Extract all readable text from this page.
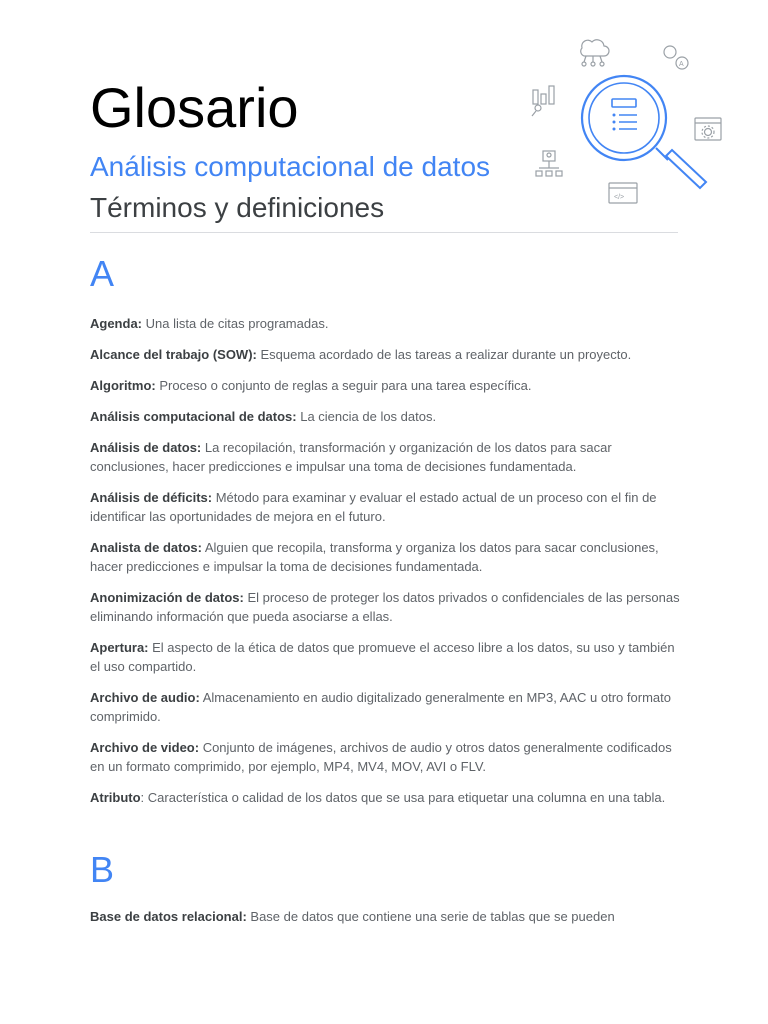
Glosario
Análisis computacional de datos
Términos y definiciones
A
</>
A

Agenda: Una lista de citas programadas.

Alcance del trabajo (SOW): Esquema acordado de las tareas a realizar durante un proyecto.

Algoritmo: Proceso o conjunto de reglas a seguir para una tarea específica.

Análisis computacional de datos: La ciencia de los datos.

Análisis de datos: La recopilación, transformación y organización de los datos para sacar conclusiones, hacer predicciones e impulsar una toma de decisiones fundamentada.

Análisis de déficits: Método para examinar y evaluar el estado actual de un proceso con el fin de identificar las oportunidades de mejora en el futuro.

Analista de datos: Alguien que recopila, transforma y organiza los datos para sacar conclusiones, hacer predicciones e impulsar la toma de decisiones fundamentada.

Anonimización de datos: El proceso de proteger los datos privados o confidenciales de las personas eliminando información que pueda asociarse a ellas.

Apertura: El aspecto de la ética de datos que promueve el acceso libre a los datos, su uso y también el uso compartido.

Archivo de audio: Almacenamiento en audio digitalizado generalmente en MP3, AAC u otro formato comprimido.

Archivo de video: Conjunto de imágenes, archivos de audio y otros datos generalmente codificados en un formato comprimido, por ejemplo, MP4, MV4, MOV, AVI o FLV.

Atributo: Característica o calidad de los datos que se usa para etiquetar una columna en una tabla.

B

Base de datos relacional: Base de datos que contiene una serie de tablas que se pueden
